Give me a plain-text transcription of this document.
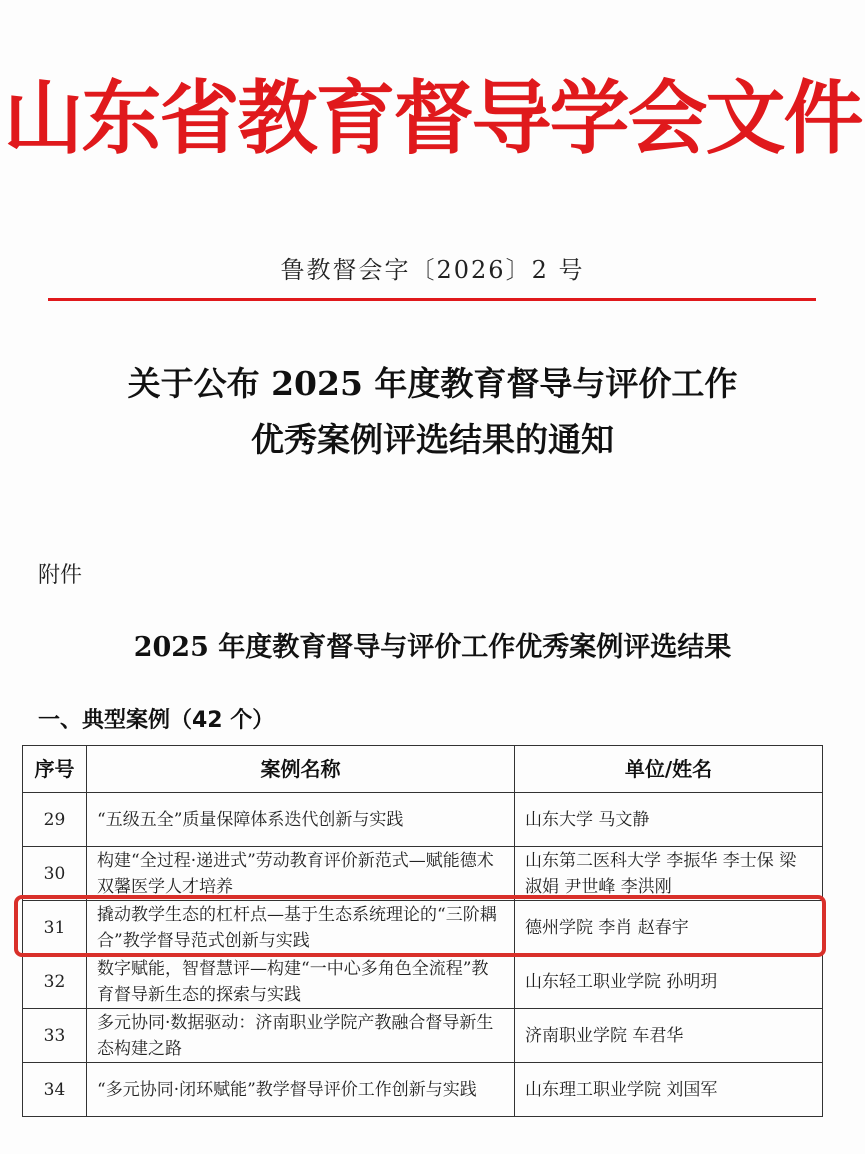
山东省教育督导学会文件
鲁教督会字〔2026〕2 号
关于公布 2025 年度教育督导与评价工作
优秀案例评选结果的通知
附件
2025 年度教育督导与评价工作优秀案例评选结果
一、典型案例（42 个）
序号	案例名称	单位/姓名
29	“五级五全”质量保障体系迭代创新与实践	山东大学 马文静

30	构建“全过程·递进式”劳动教育评价新范式—赋能德术双馨医学人才培养	山东第二医科大学 李振华 李士保 梁淑娟 尹世峰 李洪刚

31	撬动教学生态的杠杆点—基于生态系统理论的“三阶耦合”教学督导范式创新与实践	德州学院 李肖 赵春宇

32	数字赋能，智督慧评—构建“一中心多角色全流程”教育督导新生态的探索与实践	山东轻工职业学院 孙明玥

33	多元协同·数据驱动：济南职业学院产教融合督导新生态构建之路	济南职业学院 车君华

34	“多元协同·闭环赋能”教学督导评价工作创新与实践	山东理工职业学院 刘国军
